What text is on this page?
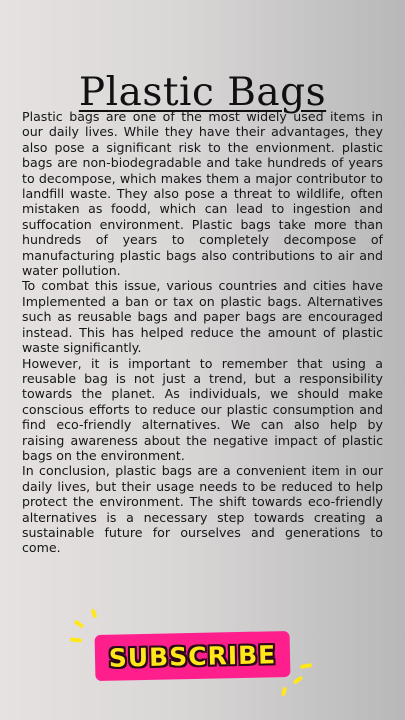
Plastic Bags

Plastic bags are one of the most widely used items in our daily lives. While they have their advantages, they also pose a significant risk to the envionment. plastic bags are non-biodegradable and take hundreds of years to decompose, which makes them a major contributor to landfill waste. They also pose a threat to wildlife, often mistaken as foodd, which can lead to ingestion and suffocation environment. Plastic bags take more than hundreds of years to completely decompose of manufacturing plastic bags also contributions to air and water pollution.

To combat this issue, various countries and cities have Implemented a ban or tax on plastic bags. Alternatives such as reusable bags and paper bags are encouraged instead. This has helped reduce the amount of plastic waste significantly.

However, it is important to remember that using a reusable bag is not just a trend, but a responsibility towards the planet. As individuals, we should make conscious efforts to reduce our plastic consumption and find eco-friendly alternatives. We can also help by raising awareness about the negative impact of plastic bags on the environment.

In conclusion, plastic bags are a convenient item in our daily lives, but their usage needs to be reduced to help protect the environment. The shift towards eco-friendly alternatives is a necessary step towards creating a sustainable future for ourselves and generations to come.

SUBSCRIBE
